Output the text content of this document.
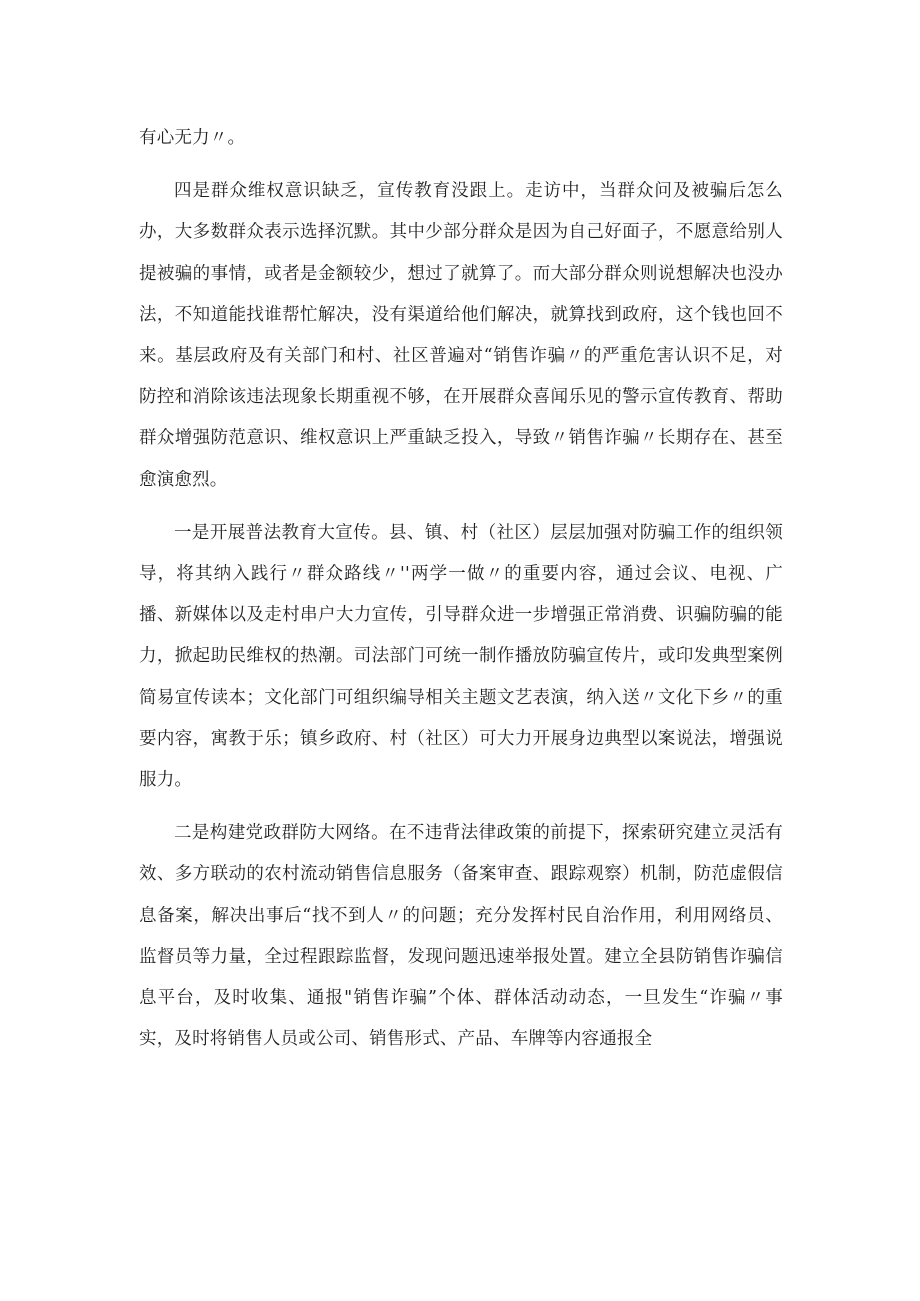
有心无力〃。

四是群众维权意识缺乏，宣传教育没跟上。走访中，当群众问及被骗后怎么办，大多数群众表示选择沉默。其中少部分群众是因为自己好面子，不愿意给别人提被骗的事情，或者是金额较少，想过了就算了。而大部分群众则说想解决也没办法，不知道能找谁帮忙解决，没有渠道给他们解决，就算找到政府，这个钱也回不来。基层政府及有关部门和村、社区普遍对“销售诈骗〃的严重危害认识不足，对防控和消除该违法现象长期重视不够，在开展群众喜闻乐见的警示宣传教育、帮助群众增强防范意识、维权意识上严重缺乏投入，导致〃销售诈骗〃长期存在、甚至愈演愈烈。

一是开展普法教育大宣传。县、镇、村（社区）层层加强对防骗工作的组织领导，将其纳入践行〃群众路线〃''两学一做〃的重要内容，通过会议、电视、广播、新媒体以及走村串户大力宣传，引导群众进一步增强正常消费、识骗防骗的能力，掀起助民维权的热潮。司法部门可统一制作播放防骗宣传片，或印发典型案例简易宣传读本；文化部门可组织编导相关主题文艺表演，纳入送〃文化下乡〃的重要内容，寓教于乐；镇乡政府、村（社区）可大力开展身边典型以案说法，增强说服力。

二是构建党政群防大网络。在不违背法律政策的前提下，探索研究建立灵活有效、多方联动的农村流动销售信息服务（备案审查、跟踪观察）机制，防范虚假信息备案，解决出事后“找不到人〃的问题；充分发挥村民自治作用，利用网络员、监督员等力量，全过程跟踪监督，发现问题迅速举报处置。建立全县防销售诈骗信息平台，及时收集、通报"销售诈骗”个体、群体活动动态，一旦发生“诈骗〃事实，及时将销售人员或公司、销售形式、产品、车牌等内容通报全
